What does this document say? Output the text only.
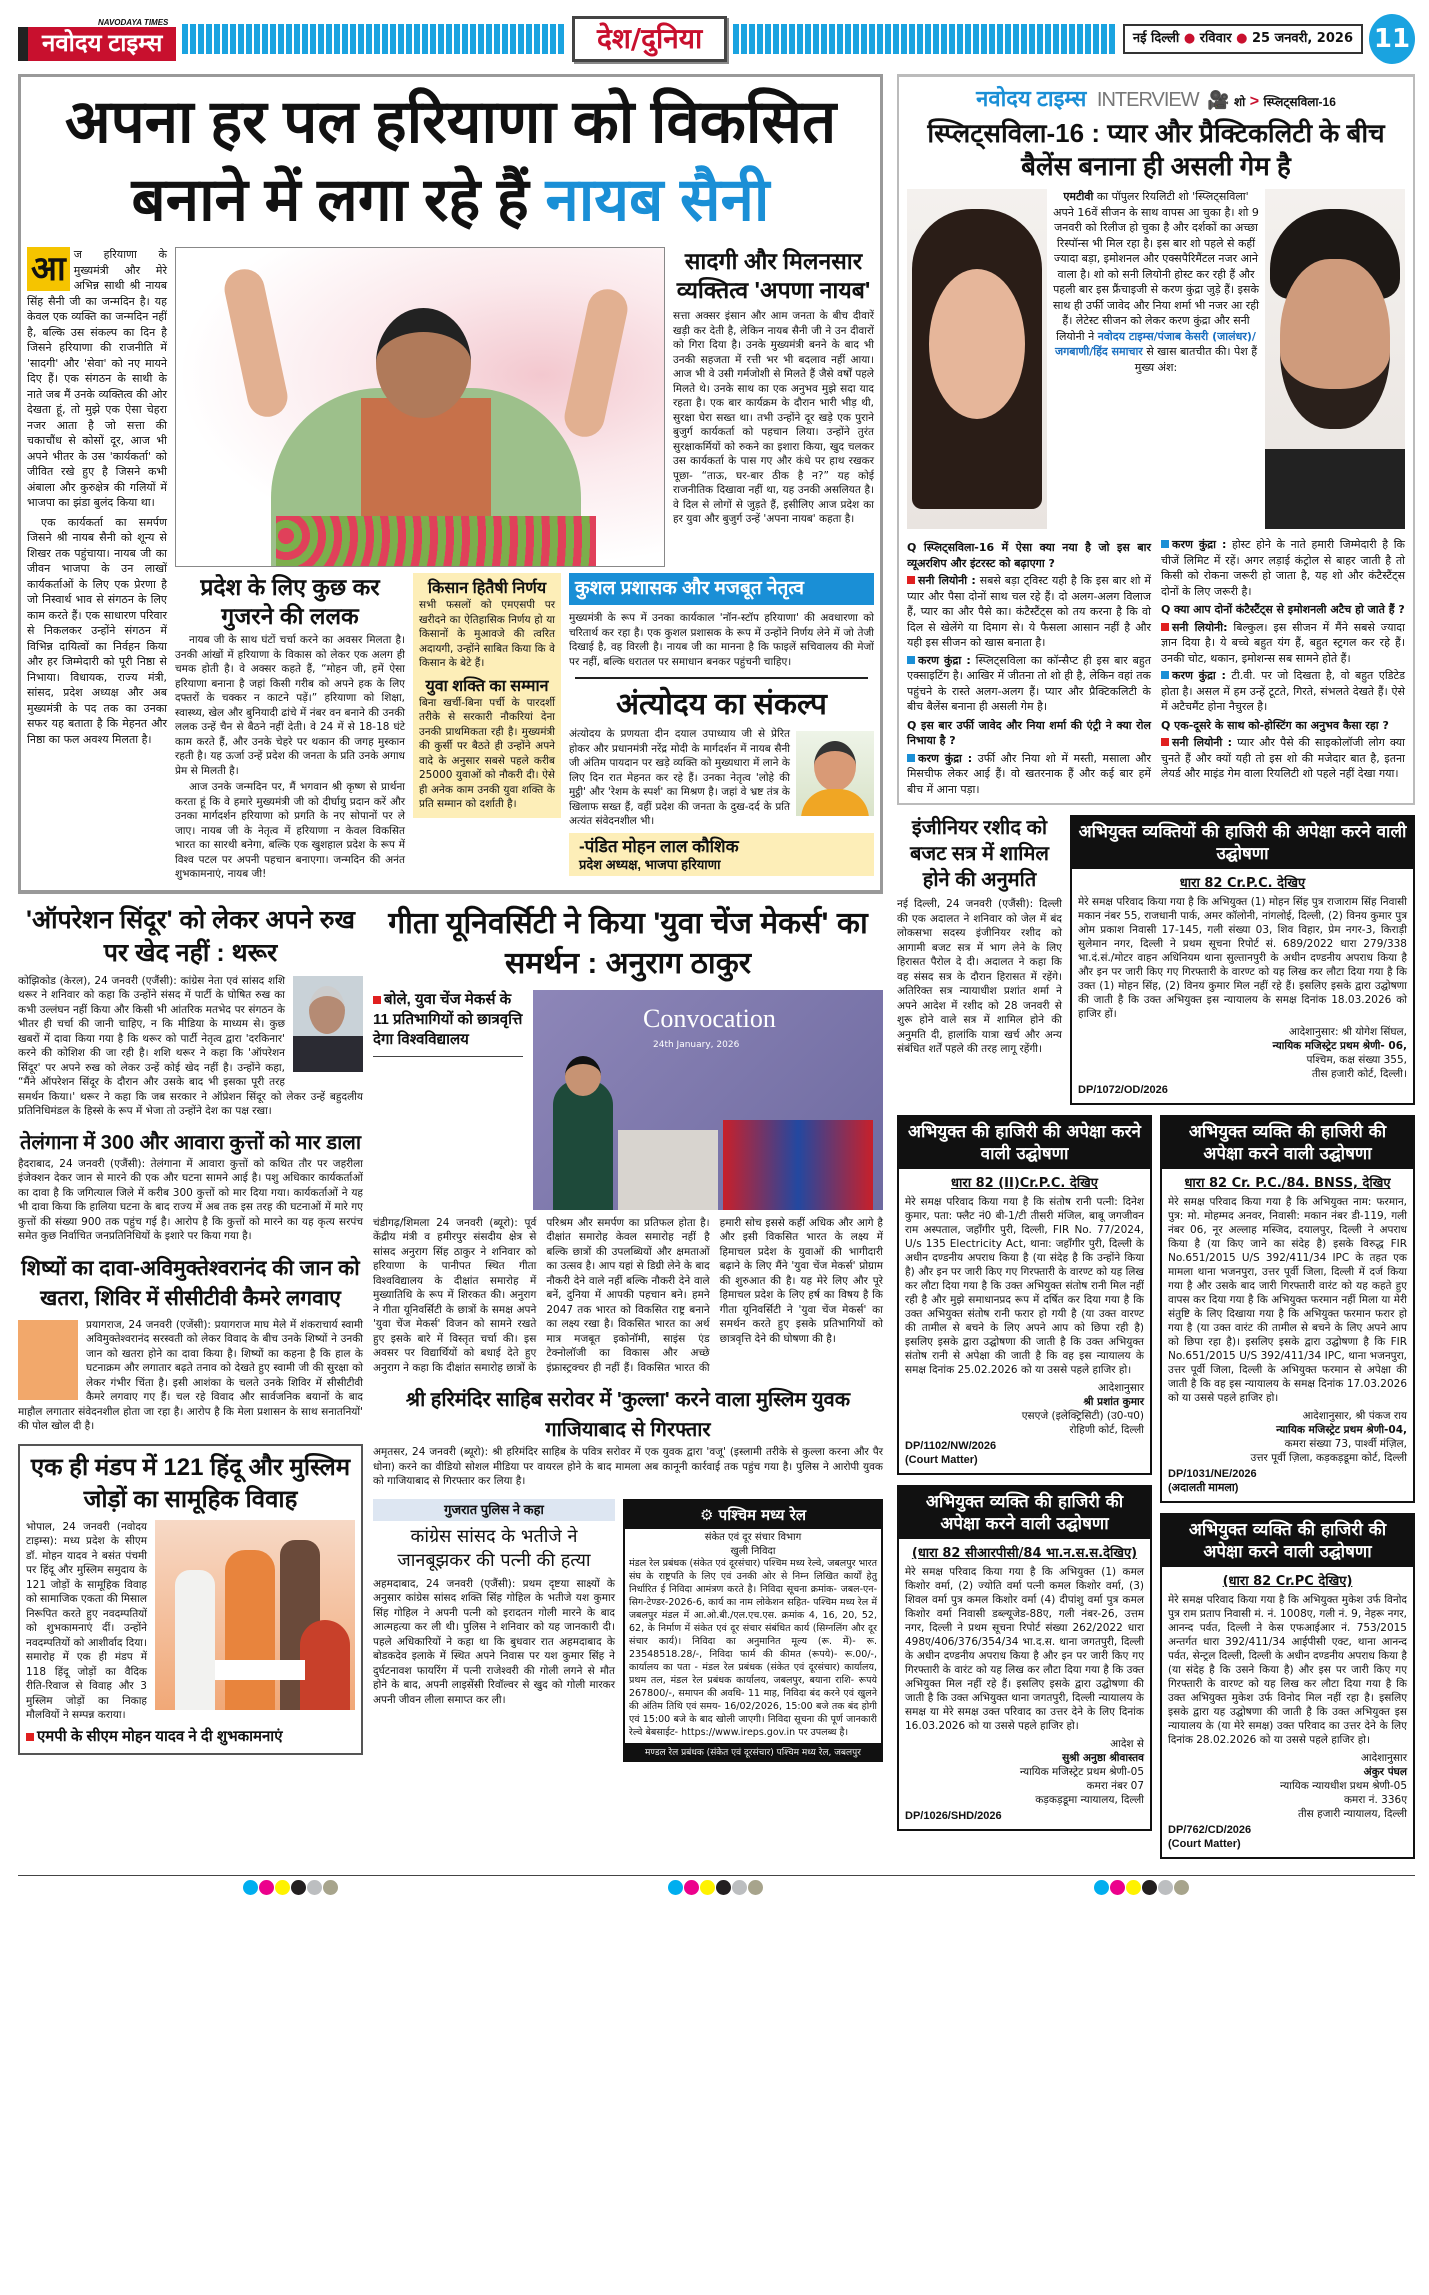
NAVODAYA TIMES
नवोदय टाइम्स	देश/दुनिया	नई दिल्ली ● रविवार ● 25 जनवरी, 2026 11
अपना हर पल हरियाणा को विकसित
बनाने में लगा रहे हैं नायब सैनी
आ ज हरियाणा के मुख्यमंत्री और मेरे अभिन्न साथी श्री नायब सिंह सैनी जी का जन्मदिन है। यह केवल एक व्यक्ति का जन्मदिन नहीं है, बल्कि उस संकल्प का दिन है जिसने हरियाणा की राजनीति में 'सादगी' और 'सेवा' को नए मायने दिए हैं। एक संगठन के साथी के नाते जब मैं उनके व्यक्तित्व की ओर देखता हूं, तो मुझे एक ऐसा चेहरा नजर आता है जो सत्ता की चकाचौंध से कोसों दूर, आज भी अपने भीतर के उस 'कार्यकर्ता' को जीवित रखे हुए है जिसने कभी अंबाला और कुरुक्षेत्र की गलियों में भाजपा का झंडा बुलंद किया था।

एक कार्यकर्ता का समर्पण जिसने श्री नायब सैनी को शून्य से शिखर तक पहुंचाया। नायब जी का जीवन भाजपा के उन लाखों कार्यकर्ताओं के लिए एक प्रेरणा है जो निस्वार्थ भाव से संगठन के लिए काम करते हैं। एक साधारण परिवार से निकलकर उन्होंने संगठन में विभिन्न दायित्वों का निर्वहन किया और हर जिम्मेदारी को पूरी निष्ठा से निभाया। विधायक, राज्य मंत्री, सांसद, प्रदेश अध्यक्ष और अब मुख्यमंत्री के पद तक का उनका सफर यह बताता है कि मेहनत और निष्ठा का फल अवश्य मिलता है।

सादगी और मिलनसार व्यक्तित्व 'अपणा नायब'
सत्ता अक्सर इंसान और आम जनता के बीच दीवारें खड़ी कर देती है, लेकिन नायब सैनी जी ने उन दीवारों को गिरा दिया है। उनके मुख्यमंत्री बनने के बाद भी उनकी सहजता में रत्ती भर भी बदलाव नहीं आया। आज भी वे उसी गर्मजोशी से मिलते हैं जैसे वर्षों पहले मिलते थे। उनके साथ का एक अनुभव मुझे सदा याद रहता है। एक बार कार्यक्रम के दौरान भारी भीड़ थी, सुरक्षा घेरा सख्त था। तभी उन्होंने दूर खड़े एक पुराने बुजुर्ग कार्यकर्ता को पहचान लिया। उन्होंने तुरंत सुरक्षाकर्मियों को रुकने का इशारा किया, खुद चलकर उस कार्यकर्ता के पास गए और कंधे पर हाथ रखकर पूछा- “ताऊ, घर-बार ठीक है न?” यह कोई राजनीतिक दिखावा नहीं था, यह उनकी असलियत है। वे दिल से लोगों से जुड़ते हैं, इसीलिए आज प्रदेश का हर युवा और बुजुर्ग उन्हें 'अपना नायब' कहता है।
प्रदेश के लिए कुछ कर गुजरने की ललक

नायब जी के साथ घंटों चर्चा करने का अवसर मिलता है। उनकी आंखों में हरियाणा के विकास को लेकर एक अलग ही चमक होती है। वे अक्सर कहते हैं, “मोहन जी, हमें ऐसा हरियाणा बनाना है जहां किसी गरीब को अपने हक के लिए दफ्तरों के चक्कर न काटने पड़ें।” हरियाणा को शिक्षा, स्वास्थ्य, खेल और बुनियादी ढांचे में नंबर वन बनाने की उनकी ललक उन्हें चैन से बैठने नहीं देती। वे 24 में से 18-18 घंटे काम करते हैं, और उनके चेहरे पर थकान की जगह मुस्कान रहती है। यह ऊर्जा उन्हें प्रदेश की जनता के प्रति उनके अगाध प्रेम से मिलती है।

आज उनके जन्मदिन पर, मैं भगवान श्री कृष्ण से प्रार्थना करता हूं कि वे हमारे मुख्यमंत्री जी को दीर्घायु प्रदान करें और उनका मार्गदर्शन हरियाणा को प्रगति के नए सोपानों पर ले जाए। नायब जी के नेतृत्व में हरियाणा न केवल विकसित भारत का सारथी बनेगा, बल्कि एक खुशहाल प्रदेश के रूप में विश्व पटल पर अपनी पहचान बनाएगा। जन्मदिन की अनंत शुभकामनाएं, नायब जी!

किसान हितैषी निर्णय
सभी फसलों को एमएसपी पर खरीदने का ऐतिहासिक निर्णय हो या किसानों के मुआवजे की त्वरित अदायगी, उन्होंने साबित किया कि वे किसान के बेटे हैं।
युवा शक्ति का सम्मान
बिना खर्ची-बिना पर्ची के पारदर्शी तरीके से सरकारी नौकरियां देना उनकी प्राथमिकता रही है। मुख्यमंत्री की कुर्सी पर बैठते ही उन्होंने अपने वादे के अनुसार सबसे पहले करीब 25000 युवाओं को नौकरी दी। ऐसे ही अनेक काम उनकी युवा शक्ति के प्रति सम्मान को दर्शाती है।
कुशल प्रशासक और मजबूत नेतृत्व
मुख्यमंत्री के रूप में उनका कार्यकाल 'नॉन-स्टॉप हरियाणा' की अवधारणा को चरितार्थ कर रहा है। एक कुशल प्रशासक के रूप में उन्होंने निर्णय लेने में जो तेजी दिखाई है, वह विरली है। नायब जी का मानना है कि फाइलें सचिवालय की मेजों पर नहीं, बल्कि धरातल पर समाधान बनकर पहुंचनी चाहिए।
अंत्योदय का संकल्प
अंत्योदय के प्रणयता दीन दयाल उपाध्याय जी से प्रेरित होकर और प्रधानमंत्री नरेंद्र मोदी के मार्गदर्शन में नायब सैनी जी अंतिम पायदान पर खड़े व्यक्ति को मुख्यधारा में लाने के लिए दिन रात मेहनत कर रहे हैं। उनका नेतृत्व 'लोहे की मुट्ठी' और 'रेशम के स्पर्श' का मिश्रण है। जहां वे भ्रष्ट तंत्र के खिलाफ सख्त हैं, वहीं प्रदेश की जनता के दुख-दर्द के प्रति अत्यंत संवेदनशील भी।
-पंडित मोहन लाल कौशिक
प्रदेश अध्यक्ष, भाजपा हरियाणा
'ऑपरेशन सिंदूर' को लेकर अपने रुख पर खेद नहीं : थरूर
कोझिकोड (केरल), 24 जनवरी (एजैंसी): कांग्रेस नेता एवं सांसद शशि थरूर ने शनिवार को कहा कि उन्होंने संसद में पार्टी के घोषित रुख का कभी उल्लंघन नहीं किया और किसी भी आंतरिक मतभेद पर संगठन के भीतर ही चर्चा की जानी चाहिए, न कि मीडिया के माध्यम से। कुछ खबरों में दावा किया गया है कि थरूर को पार्टी नेतृत्व द्वारा 'दरकिनार' करने की कोशिश की जा रही है। शशि थरूर ने कहा कि 'ऑपरेशन सिंदूर' पर अपने रुख को लेकर उन्हें कोई खेद नहीं है। उन्होंने कहा, “मैंने ऑपरेशन सिंदूर के दौरान और उसके बाद भी इसका पूरी तरह समर्थन किया।' थरूर ने कहा कि जब सरकार ने ऑप्रेशन सिंदूर को लेकर उन्हें बहुदलीय प्रतिनिधिमंडल के हिस्से के रूप में भेजा तो उन्होंने देश का पक्ष रखा।
तेलंगाना में 300 और आवारा कुत्तों को मार डाला
हैदराबाद, 24 जनवरी (एजैंसी): तेलंगाना में आवारा कुत्तों को कथित तौर पर जहरीला इंजेक्शन देकर जान से मारने की एक और घटना सामने आई है। पशु अधिकार कार्यकर्ताओं का दावा है कि जगित्याल जिले में करीब 300 कुत्तों को मार दिया गया। कार्यकर्ताओं ने यह भी दावा किया कि हालिया घटना के बाद राज्य में अब तक इस तरह की घटनाओं में मारे गए कुत्तों की संख्या 900 तक पहुंच गई है। आरोप है कि कुत्तों को मारने का यह कृत्य सरपंच समेत कुछ निर्वाचित जनप्रतिनिधियों के इशारे पर किया गया है।
शिष्यों का दावा-अविमुक्तेश्वरानंद की जान को खतरा, शिविर में सीसीटीवी कैमरे लगवाए
प्रयागराज, 24 जनवरी (एजेंसी): प्रयागराज माघ मेले में शंकराचार्य स्वामी अविमुक्तेश्वरानंद सरस्वती को लेकर विवाद के बीच उनके शिष्यों ने उनकी जान को खतरा होने का दावा किया है। शिष्यों का कहना है कि हाल के घटनाक्रम और लगातार बढ़ते तनाव को देखते हुए स्वामी जी की सुरक्षा को लेकर गंभीर चिंता है। इसी आशंका के चलते उनके शिविर में सीसीटीवी कैमरे लगवाए गए हैं। चल रहे विवाद और सार्वजनिक बयानों के बाद माहौल लगातार संवेदनशील होता जा रहा है। आरोप है कि मेला प्रशासन के साथ सनातनियों' की पोल खोल दी है।
एक ही मंडप में 121 हिंदू और मुस्लिम जोड़ों का सामूहिक विवाह
भोपाल, 24 जनवरी (नवोदय टाइम्स): मध्य प्रदेश के सीएम डॉ. मोहन यादव ने बसंत पंचमी पर हिंदू और मुस्लिम समुदाय के 121 जोड़ों के सामूहिक विवाह को सामाजिक एकता की मिसाल निरूपित करते हुए नवदम्पतियों को शुभकामनाएं दीं। उन्होंने नवदम्पतियों को आशीर्वाद दिया। समारोह में एक ही मंडप में 118 हिंदू जोड़ों का वैदिक रीति-रिवाज से विवाह और 3 मुस्लिम जोड़ों का निकाह मौलवियों ने सम्पन्न कराया।
एमपी के सीएम मोहन यादव ने दी शुभकामनाएं
गीता यूनिवर्सिटी ने किया 'युवा चेंज मेकर्स' का समर्थन : अनुराग ठाकुर
बोले, युवा चेंज मेकर्स के 11 प्रतिभागियों को छात्रवृत्ति देगा विश्वविद्यालय
Convocation
24th January, 2026
चंडीगढ़/शिमला 24 जनवरी (ब्यूरो): पूर्व केंद्रीय मंत्री व हमीरपुर संसदीय क्षेत्र से सांसद अनुराग सिंह ठाकुर ने शनिवार को हरियाणा के पानीपत स्थित गीता विश्वविद्यालय के दीक्षांत समारोह में मुख्यातिथि के रूप में शिरकत की। अनुराग ने गीता यूनिवर्सिटी के छात्रों के समक्ष अपने 'युवा चेंज मेकर्स' विजन को सामने रखते हुए इसके बारे में विस्तृत चर्चा की। इस अवसर पर विद्यार्थियों को बधाई देते हुए अनुराग ने कहा कि दीक्षांत समारोह छात्रों के परिश्रम और समर्पण का प्रतिफल होता है। दीक्षांत समारोह केवल समारोह नहीं है बल्कि छात्रों की उपलब्धियों और क्षमताओं का उत्सव है। आप यहां से डिग्री लेने के बाद नौकरी देने वाले नहीं बल्कि नौकरी देने वाले बनें, दुनिया में आपकी पहचान बने। हमने 2047 तक भारत को विकसित राष्ट्र बनाने का लक्ष्य रखा है। विकसित भारत का अर्थ मात्र मजबूत इकोनॉमी, साइंस एंड टेक्नोलॉजी का विकास और अच्छे इंफ्रास्ट्रक्चर ही नहीं हैं। विकसित भारत की हमारी सोच इससे कहीं अधिक और आगे है और इसी विकसित भारत के लक्ष्य में हिमाचल प्रदेश के युवाओं की भागीदारी बढ़ाने के लिए मैंने 'युवा चेंज मेकर्स' प्रोग्राम की शुरुआत की है। यह मेरे लिए और पूरे हिमाचल प्रदेश के लिए हर्ष का विषय है कि गीता यूनिवर्सिटी ने 'युवा चेंज मेकर्स' का समर्थन करते हुए इसके प्रतिभागियों को छात्रवृत्ति देने की घोषणा की है।
श्री हरिमंदिर साहिब सरोवर में 'कुल्ला' करने वाला मुस्लिम युवक गाजियाबाद से गिरफ्तार
अमृतसर, 24 जनवरी (ब्यूरो): श्री हरिमंदिर साहिब के पवित्र सरोवर में एक युवक द्वारा 'वजू' (इस्लामी तरीके से कुल्ला करना और पैर धोना) करने का वीडियो सोशल मीडिया पर वायरल होने के बाद मामला अब कानूनी कार्रवाई तक पहुंच गया है। पुलिस ने आरोपी युवक को गाजियाबाद से गिरफ्तार कर लिया है।
गुजरात पुलिस ने कहा
कांग्रेस सांसद के भतीजे ने जानबूझकर की पत्नी की हत्या
अहमदाबाद, 24 जनवरी (एजैंसी): प्रथम दृष्टया साक्ष्यों के अनुसार कांग्रेस सांसद शक्ति सिंह गोहिल के भतीजे यश कुमार सिंह गोहिल ने अपनी पत्नी को इरादतन गोली मारने के बाद आत्महत्या कर ली थी। पुलिस ने शनिवार को यह जानकारी दी। पहले अधिकारियों ने कहा था कि बुधवार रात अहमदाबाद के बोडकदेव इलाके में स्थित अपने निवास पर यश कुमार सिंह ने दुर्घटनावश फायरिंग में पत्नी राजेश्वरी की गोली लगने से मौत होने के बाद, अपनी लाइसेंसी रिवॉल्वर से खुद को गोली मारकर अपनी जीवन लीला समाप्त कर ली।
⚙ पश्चिम मध्य रेल
संकेत एवं दूर संचार विभाग
खुली निविदा
मंडल रेल प्रबंधक (संकेत एवं दूरसंचार) पश्चिम मध्य रेल्वे, जबलपुर भारत संघ के राष्ट्रपति के लिए एवं उनकी ओर से निम्न लिखित कार्यों हेतु निर्धारित ई निविदा आमंत्रण करते है। निविदा सूचना क्रमांक- जबल-एन-सिग-टेण्डर-2026-6, कार्य का नाम लोकेशन सहित- पश्चिम मध्य रेल में जबलपुर मंडल में आ.ओ.बी./एल.एच.एस. क्रमांक 4, 16, 20, 52, 62, के निर्माण में संकेत एवं दूर संचार संबंधित कार्य (सिग्नलिंग और दूर संचार कार्य)। निविदा का अनुमानित मूल्य (रू. में)- रू. 23548518.28/-, निविदा फार्म की कीमत (रूपये)- रू.00/-, कार्यालय का पता - मंडल रेल प्रबंधक (संकेत एवं दूरसंचार) कार्यालय, प्रथम तल, मंडल रेल प्रबंधक कार्यालय, जबलपुर, बयाना राशि- रूपये 267800/-, समापन की अवधि- 11 माह, निविदा बंद करने एवं खुलने की अंतिम तिथि एवं समय- 16/02/2026, 15:00 बजे तक बंद होगी एवं 15:00 बजे के बाद खोली जाएगी। निविदा सूचना की पूर्ण जानकारी रेल्वे बेबसाईट- https://www.ireps.gov.in पर उपलब्ध है।
मण्डल रेल प्रबंधक (संकेत एवं दूरसंचार) पश्चिम मध्य रेल, जबलपुर
नवोदय टाइम्स INTERVIEW 🎥 शो > स्प्लिट्सविला-16
स्प्लिट्सविला-16 : प्यार और प्रैक्टिकलिटी के बीच बैलेंस बनाना ही असली गेम है
एमटीवी का पॉपुलर रियलिटी शो 'स्प्लिट्सविला' अपने 16वें सीजन के साथ वापस आ चुका है। शो 9 जनवरी को रिलीज हो चुका है और दर्शकों का अच्छा रिस्पॉन्स भी मिल रहा है। इस बार शो पहले से कहीं ज्यादा बड़ा, इमोशनल और एक्सपैरिमैंटल नजर आने वाला है। शो को सनी लियोनी होस्ट कर रही हैं और पहली बार इस फ्रैंचाइजी से करण कुंद्रा जुड़े हैं। इसके साथ ही उर्फी जावेद और निया शर्मा भी नजर आ रही हैं। लेटेस्ट सीजन को लेकर करण कुंद्रा और सनी लियोनी ने नवोदय टाइम्स/पंजाब केसरी (जालंधर)/जगबाणी/हिंद समाचार से खास बातचीत की। पेश हैं मुख्य अंश:
Q स्प्लिट्सविला-16 में ऐसा क्या नया है जो इस बार व्यूअरशिप और इंटरस्ट को बढ़ाएगा ?
सनी लियोनी : सबसे बड़ा ट्विस्ट यही है कि इस बार शो में प्यार और पैसा दोनों साथ चल रहे हैं। दो अलग-अलग विलाज हैं, प्यार का और पैसे का। कंटैस्टैंट्स को तय करना है कि वो दिल से खेलेंगे या दिमाग से। ये फैसला आसान नहीं है और यही इस सीजन को खास बनाता है।
करण कुंद्रा : स्प्लिट्सविला का कॉन्सैप्ट ही इस बार बहुत एक्साइटिंग है। आखिर में जीतना तो शो ही है, लेकिन वहां तक पहुंचने के रास्ते अलग-अलग हैं। प्यार और प्रैक्टिकलिटी के बीच बैलेंस बनाना ही असली गेम है।
Q इस बार उर्फी जावेद और निया शर्मा की एंट्री ने क्या रोल निभाया है ?
करण कुंद्रा : उर्फी और निया शो में मस्ती, मसाला और मिसचीफ लेकर आई हैं। वो खतरनाक हैं और कई बार हमें बीच में आना पड़ा।
करण कुंद्रा : होस्ट होने के नाते हमारी जिम्मेदारी है कि चीजें लिमिट में रहें। अगर लड़ाई कंट्रोल से बाहर जाती है तो किसी को रोकना जरूरी हो जाता है, यह शो और कंटैस्टैंट्स दोनों के लिए जरूरी है।
Q क्या आप दोनों कंटैस्टैंट्स से इमोशनली अटैच हो जाते हैं ?
सनी लियोनी: बिल्कुल। इस सीजन में मैंने सबसे ज्यादा ज्ञान दिया है। ये बच्चे बहुत यंग हैं, बहुत स्ट्रगल कर रहे हैं। उनकी चोट, थकान, इमोशन्स सब सामने होते हैं।
करण कुंद्रा : टी.वी. पर जो दिखता है, वो बहुत एडिटेड होता है। असल में हम उन्हें टूटते, गिरते, संभलते देखते हैं। ऐसे में अटैचमैंट होना नैचुरल है।
Q एक-दूसरे के साथ को-होस्टिंग का अनुभव कैसा रहा ?
सनी लियोनी : प्यार और पैसे की साइकोलॉजी लोग क्या चुनते हैं और क्यों यही तो इस शो की मजेदार बात है, इतना लेयर्ड और माइंड गेम वाला रियलिटी शो पहले नहीं देखा गया।
इंजीनियर रशीद को बजट सत्र में शामिल होने की अनुमति
नई दिल्ली, 24 जनवरी (एजैंसी): दिल्ली की एक अदालत ने शनिवार को जेल में बंद लोकसभा सदस्य इंजीनियर रशीद को आगामी बजट सत्र में भाग लेने के लिए हिरासत पैरोल दे दी। अदालत ने कहा कि वह संसद सत्र के दौरान हिरासत में रहेंगे। अतिरिक्त सत्र न्यायाधीश प्रशांत शर्मा ने अपने आदेश में रशीद को 28 जनवरी से शुरू होने वाले सत्र में शामिल होने की अनुमति दी, हालांकि यात्रा खर्च और अन्य संबंधित शर्तें पहले की तरह लागू रहेंगी।
अभियुक्त व्यक्तियों की हाजिरी की अपेक्षा करने वाली उद्घोषणा
धारा 82 Cr.P.C. देखिए
मेरे समक्ष परिवाद किया गया है कि अभियुक्त (1) मोहन सिंह पुत्र राजाराम सिंह निवासी मकान नंबर 55, राजधानी पार्क, अमर कॉलोनी, नांगलोई, दिल्ली, (2) विनय कुमार पुत्र ओम प्रकाश निवासी 17-145, गली संख्या 03, शिव विहार, प्रेम नगर-3, किराड़ी सुलेमान नगर, दिल्ली ने प्रथम सूचना रिपोर्ट सं. 689/2022 धारा 279/338 भा.दं.सं./मोटर वाहन अधिनियम थाना सुल्तानपुरी के अधीन दण्डनीय अपराध किया है और इन पर जारी किए गए गिरफ्तारी के वारण्ट को यह लिख कर लौटा दिया गया है कि उक्त (1) मोहन सिंह, (2) विनय कुमार मिल नहीं रहे हैं। इसलिए इसके द्वारा उद्घोषणा की जाती है कि उक्त अभियुक्त इस न्यायालय के समक्ष दिनांक 18.03.2026 को हाजिर हों।
आदेशानुसार: श्री योगेश सिंघल,
न्यायिक मजिस्ट्रेट प्रथम श्रेणी- 06,
पश्चिम, कक्ष संख्या 355,
तीस हजारी कोर्ट, दिल्ली।
DP/1072/OD/2026
अभियुक्त की हाजिरी की अपेक्षा करने वाली उद्घोषणा
धारा 82 (II)Cr.P.C. देखिए
मेरे समक्ष परिवाद किया गया है कि संतोष रानी पत्नी: दिनेश कुमार, पता: फ्लैट नं0 बी-1/टी तीसरी मंजिल, बाबू जगजीवन राम अस्पताल, जहाँगीर पुरी, दिल्ली, FIR No. 77/2024, U/s 135 Electricity Act, थाना: जहाँगीर पुरी, दिल्ली के अधीन दण्डनीय अपराध किया है (या संदेह है कि उन्होंने किया है) और इन पर जारी किए गए गिरफ्तारी के वारण्ट को यह लिख कर लौटा दिया गया है कि उक्त अभियुक्त संतोष रानी मिल नहीं रही है और मुझे समाधानप्रद रूप में दर्षित कर दिया गया है कि उक्त अभियुक्त संतोष रानी फरार हो गयी है (या उक्त वारण्ट की तामील से बचने के लिए अपने आप को छिपा रही है) इसलिए इसके द्वारा उद्घोषणा की जाती है कि उक्त अभियुक्त संतोष रानी से अपेक्षा की जाती है कि वह इस न्यायालय के समक्ष दिनांक 25.02.2026 को या उससे पहले हाजिर हो।
आदेशानुसार
श्री प्रशांत कुमार
एसएजे (इलेक्ट्रिसिटी) (उ0-प0)
रोहिणी कोर्ट, दिल्ली
DP/1102/NW/2026
(Court Matter)
अभियुक्त व्यक्ति की हाजिरी की अपेक्षा करने वाली उद्घोषणा
(धारा 82 सीआरपीसी/84 भा.न.स.स.देखिए)
मेरे समक्ष परिवाद किया गया है कि अभियुक्त (1) कमल किशोर वर्मा, (2) ज्योति वर्मा पत्नी कमल किशोर वर्मा, (3) शिवल वर्मा पुत्र कमल किशोर वर्मा (4) दीपांशु वर्मा पुत्र कमल किशोर वर्मा निवासी डब्ल्यूजेड-88ए, गली नंबर-26, उत्तम नगर, दिल्ली ने प्रथम सूचना रिपोर्ट संख्या 262/2022 धारा 498ए/406/376/354/34 भा.द.स. थाना जगतपुरी, दिल्ली के अधीन दण्डनीय अपराध किया है और इन पर जारी किए गए गिरफ्तारी के वारंट को यह लिख कर लौटा दिया गया है कि उक्त अभियुक्त मिल नहीं रहे हैं। इसलिए इसके द्वारा उद्घोषणा की जाती है कि उक्त अभियुक्त थाना जगतपुरी, दिल्ली न्यायालय के समक्ष या मेरे समक्ष उक्त परिवाद का उत्तर देने के लिए दिनांक 16.03.2026 को या उससे पहले हाजिर हो।
आदेश से
सुश्री अनुष्ठा श्रीवास्तव
न्यायिक मजिस्ट्रेट प्रथम श्रेणी-05
कमरा नंबर 07
कड़कड़डूमा न्यायालय, दिल्ली
DP/1026/SHD/2026
अभियुक्त व्यक्ति की हाजिरी की अपेक्षा करने वाली उद्घोषणा
धारा 82 Cr. P.C./84. BNSS, देखिए
मेरे समक्ष परिवाद किया गया है कि अभियुक्त नाम: फरमान, पुत्र: मो. मोहम्मद अनवर, निवासी: मकान नंबर डी-119, गली नंबर 06, नूर अल्लाह मस्जिद, दयालपुर, दिल्ली ने अपराध किया है (या किए जाने का संदेह है) इसके विरुद्ध FIR No.651/2015 U/S 392/411/34 IPC के तहत एक मामला थाना भजनपुरा, उत्तर पूर्वी जिला, दिल्ली में दर्ज किया गया है और उसके बाद जारी गिरफ्तारी वारंट को यह कहते हुए वापस कर दिया गया है कि अभियुक्त फरमान नहीं मिला या मेरी संतुष्टि के लिए दिखाया गया है कि अभियुक्त फरमान फरार हो गया है (या उक्त वारंट की तामील से बचने के लिए अपने आप को छिपा रहा है)। इसलिए इसके द्वारा उद्घोषणा है कि FIR No.651/2015 U/S 392/411/34 IPC, थाना भजनपुरा, उत्तर पूर्वी जिला, दिल्ली के अभियुक्त फरमान से अपेक्षा की जाती है कि वह इस न्यायालय के समक्ष दिनांक 17.03.2026 को या उससे पहले हाजिर हो।
आदेशानुसार, श्री पंकज राय
न्यायिक मजिस्ट्रेट प्रथम श्रेणी-04,
कमरा संख्या 73, पार्श्वी मंज़िल,
उत्तर पूर्वी ज़िला, कड़कड़डूमा कोर्ट, दिल्ली
DP/1031/NE/2026
(अदालती मामला)
अभियुक्त व्यक्ति की हाजिरी की अपेक्षा करने वाली उद्घोषणा
(धारा 82 Cr.PC देखिए)
मेरे समक्ष परिवाद किया गया है कि अभियुक्त मुकेश उर्फ विनोद पुत्र राम प्रताप निवासी मं. नं. 1008ए, गली नं. 9, नेहरू नगर, आनन्द पर्वत, दिल्ली ने केस एफआईआर नं. 753/2015 अन्तर्गत धारा 392/411/34 आईपीसी एक्ट, थाना आनन्द पर्वत, सेन्ट्रल दिल्ली, दिल्ली के अधीन दण्डनीय अपराध किया है (या संदेह है कि उसने किया है) और इस पर जारी किए गए गिरफ्तारी के वारण्ट को यह लिख कर लौटा दिया गया है कि उक्त अभियुक्त मुकेश उर्फ विनोद मिल नहीं रहा है। इसलिए इसके द्वारा यह उद्घोषणा की जाती है कि उक्त अभियुक्त इस न्यायालय के (या मेरे समक्ष) उक्त परिवाद का उत्तर देने के लिए दिनांक 28.02.2026 को या उससे पहले हाजिर हो।
आदेशानुसार
अंकुर पंघल
न्यायिक न्यायधीश प्रथम श्रेणी-05
कमरा नं. 336ए
तीस हजारी न्यायालय, दिल्ली
DP/762/CD/2026
(Court Matter)
